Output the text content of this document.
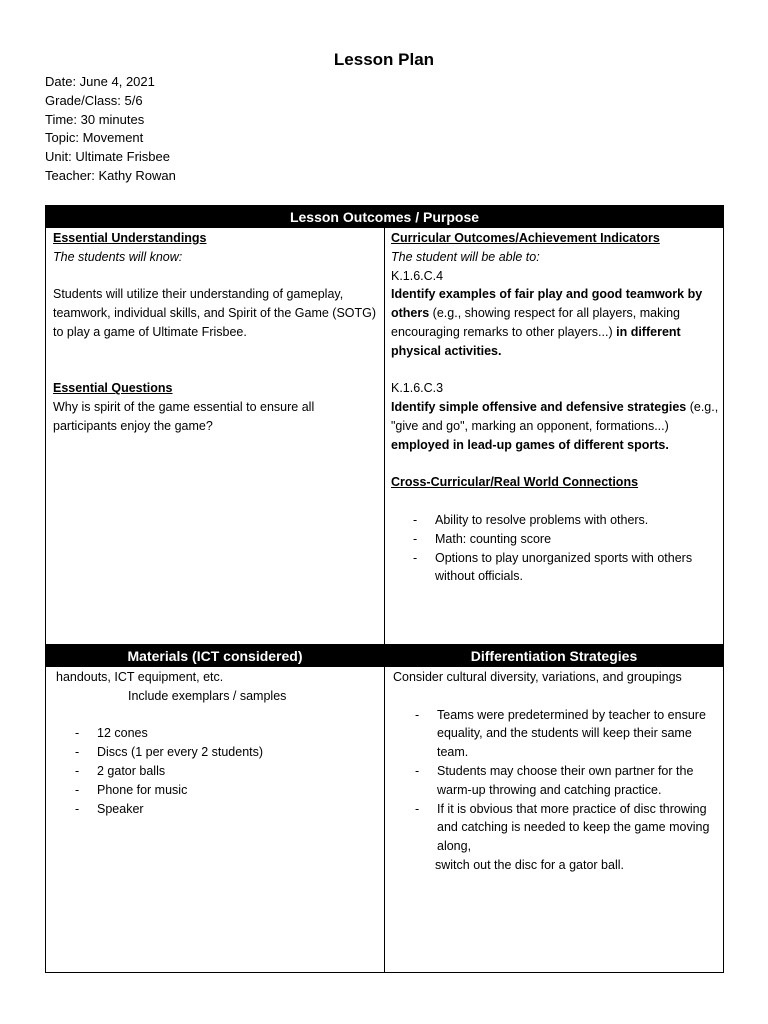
Lesson Plan
Date: June 4, 2021
Grade/Class: 5/6
Time: 30 minutes
Topic: Movement
Unit: Ultimate Frisbee
Teacher: Kathy Rowan
Lesson Outcomes / Purpose
Essential Understandings
The students will know:
Students will utilize their understanding of gameplay, teamwork, individual skills, and Spirit of the Game (SOTG) to play a game of Ultimate Frisbee.
Essential Questions
Why is spirit of the game essential to ensure all participants enjoy the game?
Curricular Outcomes/Achievement Indicators
The student will be able to:
K.1.6.C.4
Identify examples of fair play and good teamwork by others (e.g., showing respect for all players, making encouraging remarks to other players...) in different physical activities.
K.1.6.C.3
Identify simple offensive and defensive strategies (e.g., "give and go", marking an opponent, formations...) employed in lead-up games of different sports.
Cross-Curricular/Real World Connections
- Ability to resolve problems with others.
- Math: counting score
- Options to play unorganized sports with others without officials.
Materials (ICT considered)	Differentiation Strategies
handouts, ICT equipment, etc.
Include exemplars / samples
- 12 cones
- Discs (1 per every 2 students)
- 2 gator balls
- Phone for music
- Speaker
Consider cultural diversity, variations, and groupings
- Teams were predetermined by teacher to ensure equality, and the students will keep their same team.
- Students may choose their own partner for the warm-up throwing and catching practice.
- If it is obvious that more practice of disc throwing and catching is needed to keep the game moving along,
switch out the disc for a gator ball.
